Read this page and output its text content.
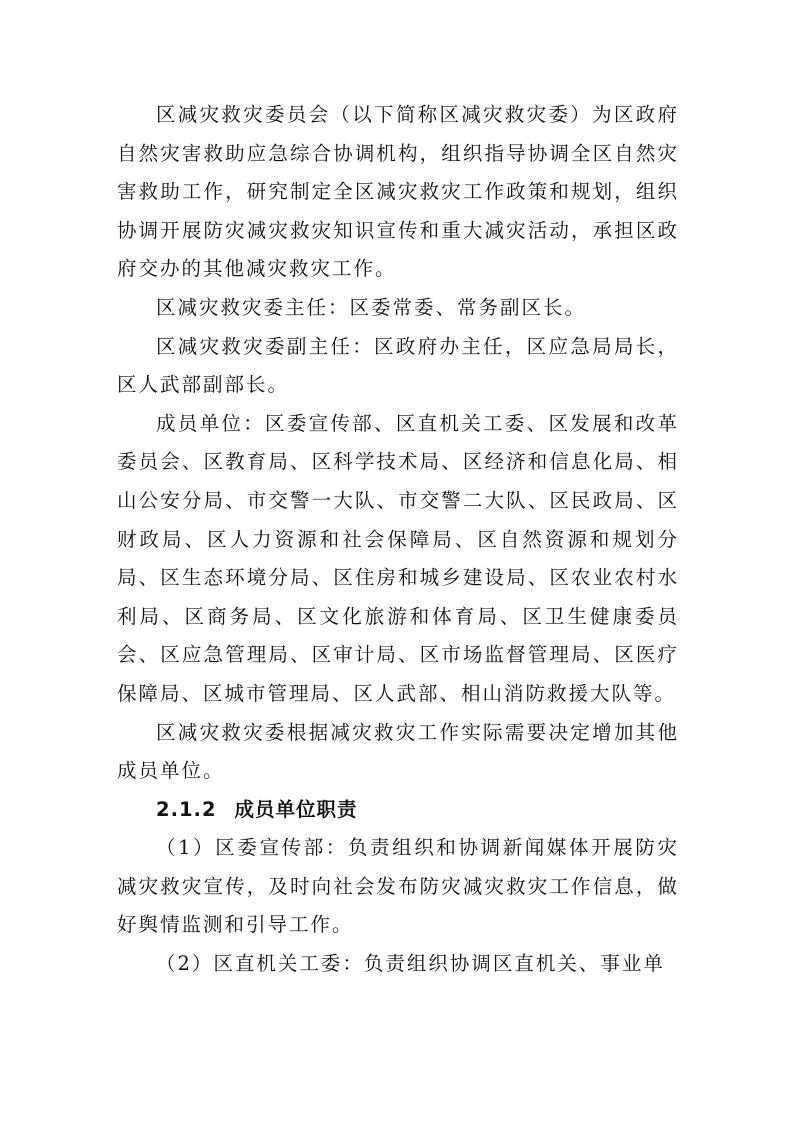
区减灾救灾委员会（以下简称区减灾救灾委）为区政府自然灾害救助应急综合协调机构，组织指导协调全区自然灾害救助工作，研究制定全区减灾救灾工作政策和规划，组织协调开展防灾减灾救灾知识宣传和重大减灾活动，承担区政府交办的其他减灾救灾工作。

区减灾救灾委主任：区委常委、常务副区长。

区减灾救灾委副主任：区政府办主任，区应急局局长，区人武部副部长。

成员单位：区委宣传部、区直机关工委、区发展和改革委员会、区教育局、区科学技术局、区经济和信息化局、相山公安分局、市交警一大队、市交警二大队、区民政局、区财政局、区人力资源和社会保障局、区自然资源和规划分局、区生态环境分局、区住房和城乡建设局、区农业农村水利局、区商务局、区文化旅游和体育局、区卫生健康委员会、区应急管理局、区审计局、区市场监督管理局、区医疗保障局、区城市管理局、区人武部、相山消防救援大队等。

区减灾救灾委根据减灾救灾工作实际需要决定增加其他成员单位。

2.1.2 成员单位职责

（1）区委宣传部：负责组织和协调新闻媒体开展防灾减灾救灾宣传，及时向社会发布防灾减灾救灾工作信息，做好舆情监测和引导工作。

（2）区直机关工委：负责组织协调区直机关、事业单
